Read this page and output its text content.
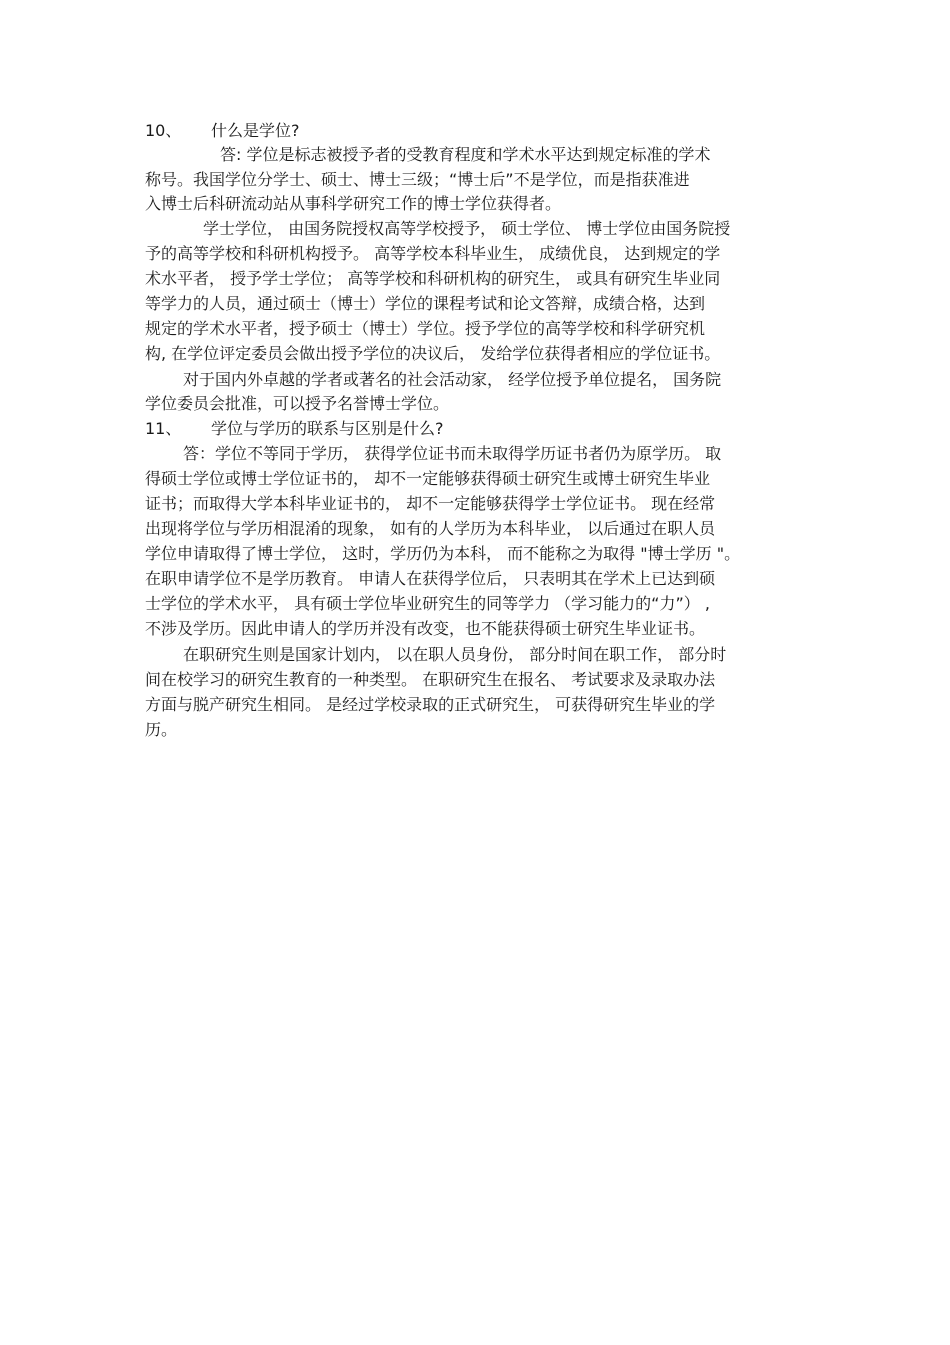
10、 什么是学位?
答: 学位是标志被授予者的受教育程度和学术水平达到规定标准的学术
称号。我国学位分学士、硕士、博士三级；“博士后”不是学位，而是指获准进
入博士后科研流动站从事科学研究工作的博士学位获得者。
学士学位， 由国务院授权高等学校授予， 硕士学位、 博士学位由国务院授
予的高等学校和科研机构授予。 高等学校本科毕业生， 成绩优良， 达到规定的学
术水平者， 授予学士学位； 高等学校和科研机构的研究生， 或具有研究生毕业同
等学力的人员，通过硕士（博士）学位的课程考试和论文答辩，成绩合格，达到
规定的学术水平者，授予硕士（博士）学位。授予学位的高等学校和科学研究机
构, 在学位评定委员会做出授予学位的决议后， 发给学位获得者相应的学位证书。
对于国内外卓越的学者或著名的社会活动家， 经学位授予单位提名， 国务院
学位委员会批准，可以授予名誉博士学位。
11、 学位与学历的联系与区别是什么?
答：学位不等同于学历， 获得学位证书而未取得学历证书者仍为原学历。 取
得硕士学位或博士学位证书的， 却不一定能够获得硕士研究生或博士研究生毕业
证书；而取得大学本科毕业证书的， 却不一定能够获得学士学位证书。 现在经常
出现将学位与学历相混淆的现象， 如有的人学历为本科毕业， 以后通过在职人员
学位申请取得了博士学位， 这时，学历仍为本科， 而不能称之为取得 "博士学历 "。
在职申请学位不是学历教育。 申请人在获得学位后， 只表明其在学术上已达到硕
士学位的学术水平， 具有硕士学位毕业研究生的同等学力 （学习能力的“力”） ,
不涉及学历。因此申请人的学历并没有改变，也不能获得硕士研究生毕业证书。
在职研究生则是国家计划内， 以在职人员身份， 部分时间在职工作， 部分时
间在校学习的研究生教育的一种类型。 在职研究生在报名、 考试要求及录取办法
方面与脱产研究生相同。 是经过学校录取的正式研究生， 可获得研究生毕业的学
历。
